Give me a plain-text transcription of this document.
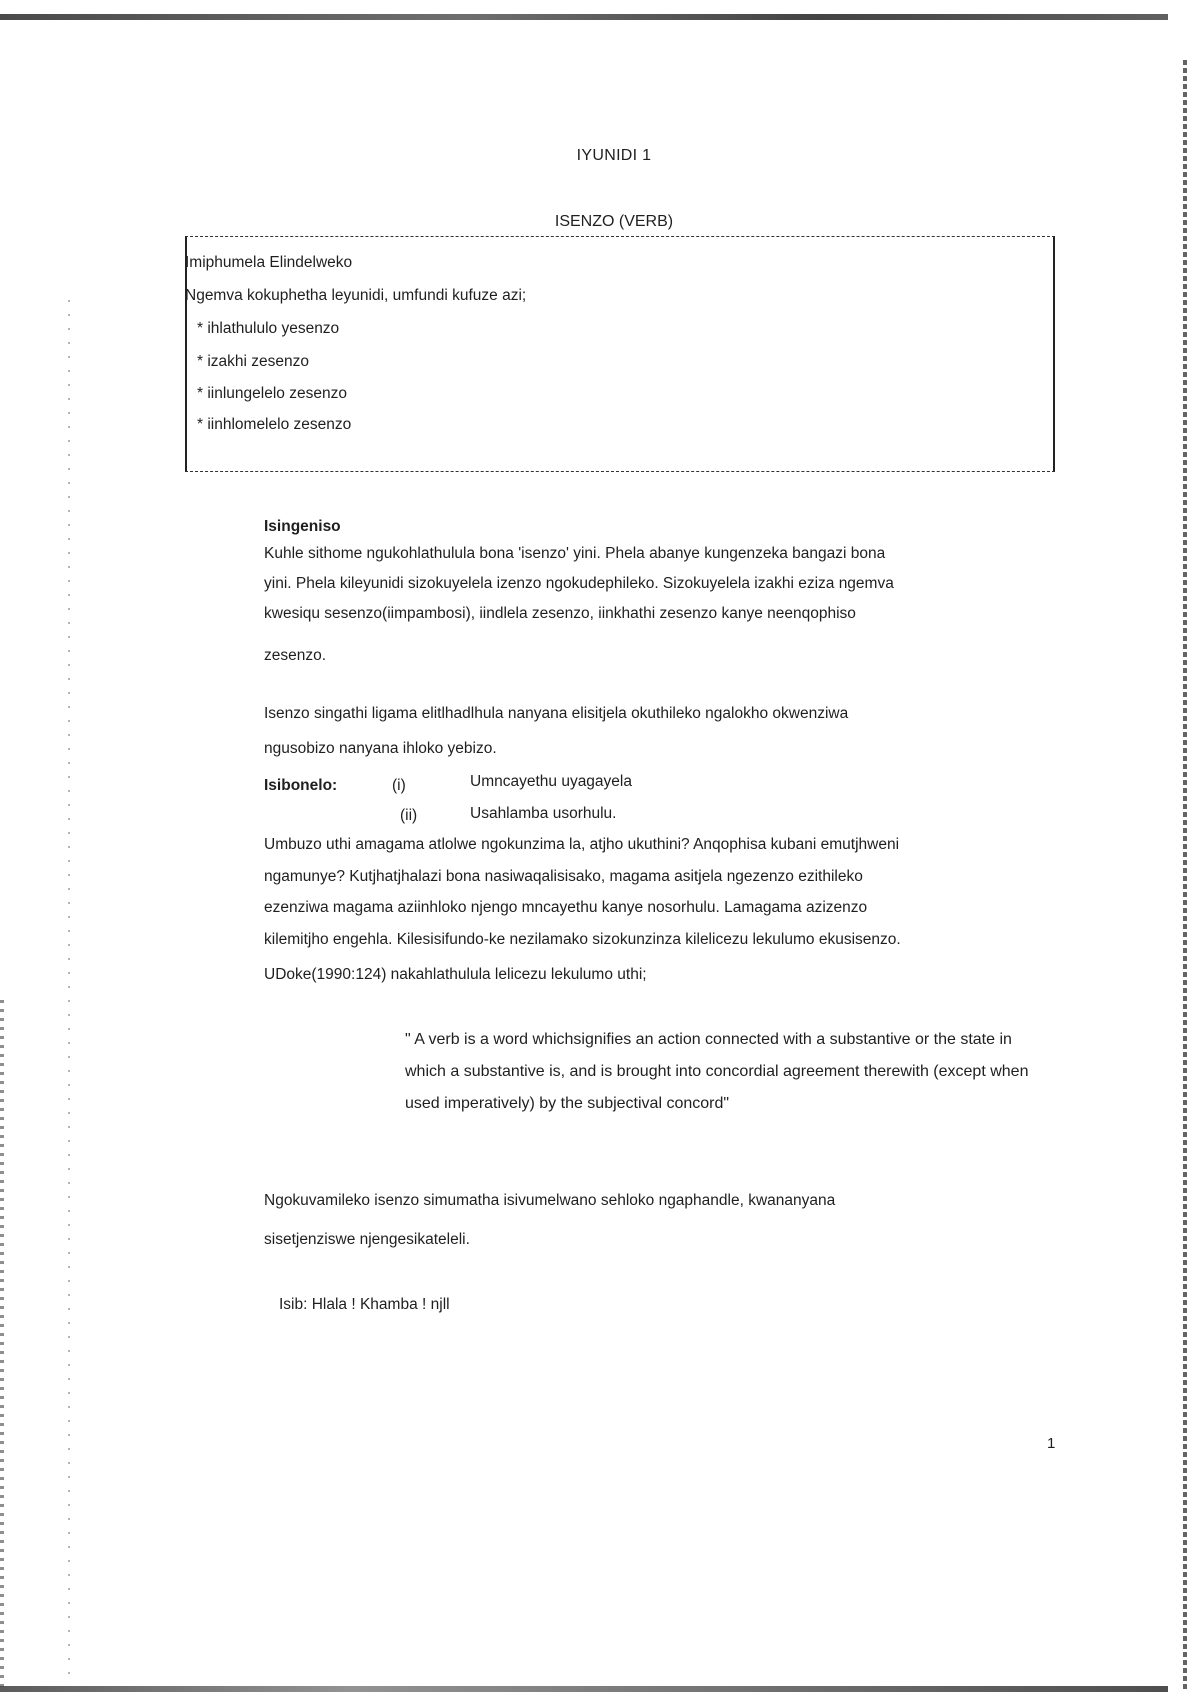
IYUNIDI 1
ISENZO (VERB)
Imiphumela Elindelweko
Ngemva kokuphetha leyunidi, umfundi kufuze azi;
* ihlathululo yesenzo
* izakhi zesenzo
* iinlungelelo zesenzo
* iinhlomelelo zesenzo
Isingeniso
Kuhle sithome ngukohlathulula bona 'isenzo' yini. Phela abanye kungenzeka bangazi bona
yini. Phela kileyunidi sizokuyelela izenzo ngokudephileko. Sizokuyelela izakhi eziza ngemva
kwesiqu sesenzo(iimpambosi), iindlela zesenzo, iinkhathi zesenzo kanye neenqophiso
zesenzo.
Isenzo singathi ligama elitlhadlhula nanyana elisitjela okuthileko ngalokho okwenziwa
ngusobizo nanyana ihloko yebizo.
Isibonelo:	(i)	Umncayethu uyagayela
(ii)	Usahlamba usorhulu.
Umbuzo uthi amagama atlolwe ngokunzima la, atjho ukuthini? Anqophisa kubani emutjhweni
ngamunye? Kutjhatjhalazi bona nasiwaqalisisako, magama asitjela ngezenzo ezithileko
ezenziwa magama aziinhloko njengo mncayethu kanye nosorhulu. Lamagama azizenzo
kilemitjho engehla. Kilesisifundo-ke nezilamako sizokunzinza kilelicezu lekulumo ekusisenzo.
UDoke(1990:124) nakahlathulula lelicezu lekulumo uthi;
" A verb is a word whichsignifies an action connected with a substantive or the state in which a substantive is, and is brought into concordial agreement therewith (except when used imperatively) by the subjectival concord"
Ngokuvamileko isenzo simumatha isivumelwano sehloko ngaphandle, kwananyana
sisetjenziswe njengesikateleli.
Isib: Hlala ! Khamba ! njll
1
